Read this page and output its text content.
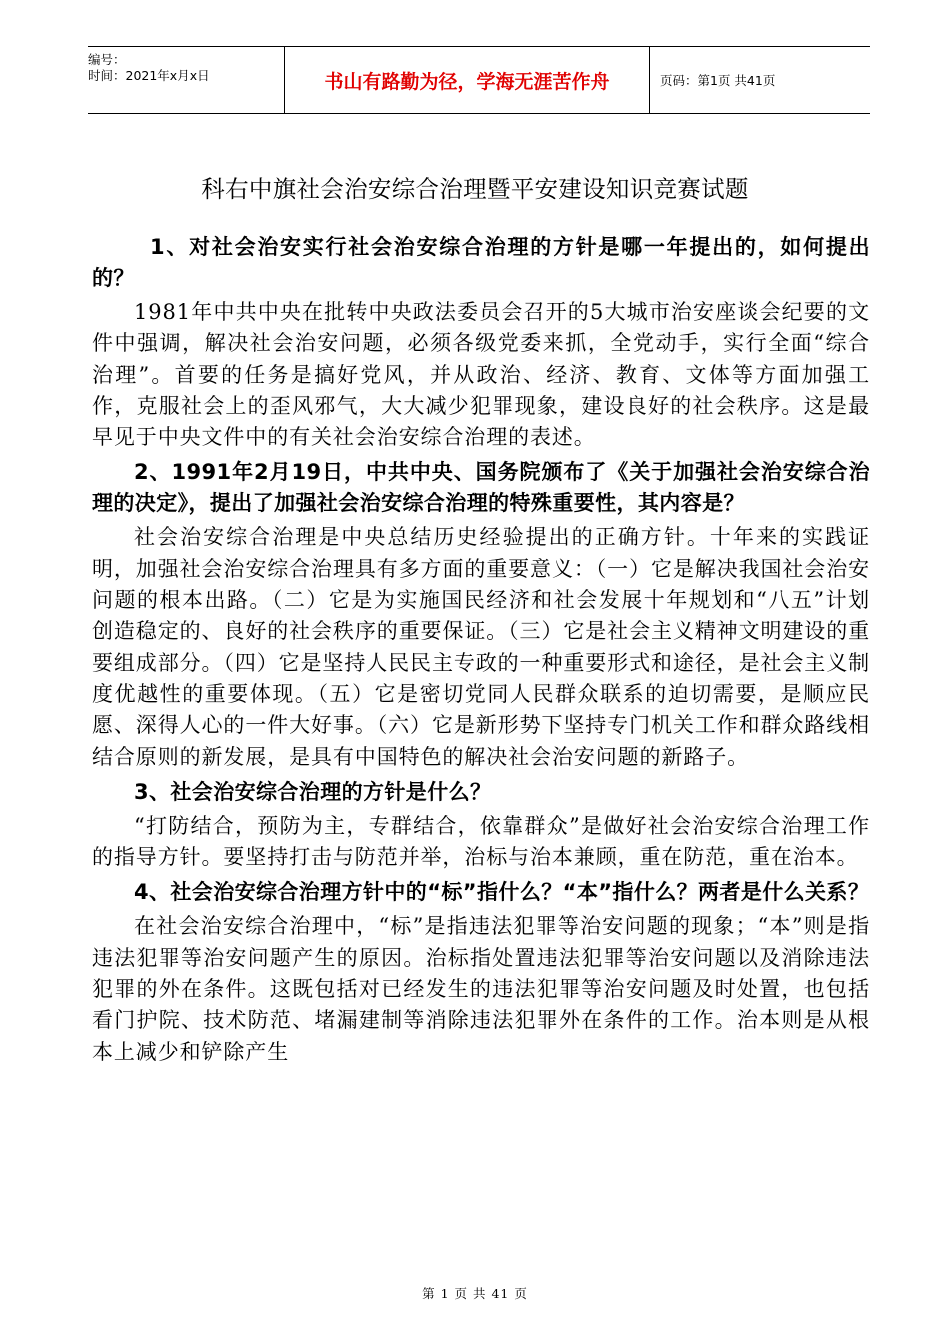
编号：
时间：2021年x月x日	书山有路勤为径，学海无涯苦作舟	页码：第1页 共41页
科右中旗社会治安综合治理暨平安建设知识竞赛试题

1、对社会治安实行社会治安综合治理的方针是哪一年提出的，如何提出的？

1981年中共中央在批转中央政法委员会召开的5大城市治安座谈会纪要的文件中强调，解决社会治安问题，必须各级党委来抓，全党动手，实行全面“综合治理”。首要的任务是搞好党风，并从政治、经济、教育、文体等方面加强工作，克服社会上的歪风邪气，大大减少犯罪现象，建设良好的社会秩序。这是最早见于中央文件中的有关社会治安综合治理的表述。

2、1991年2月19日，中共中央、国务院颁布了《关于加强社会治安综合治理的决定》，提出了加强社会治安综合治理的特殊重要性，其内容是？

社会治安综合治理是中央总结历史经验提出的正确方针。十年来的实践证明，加强社会治安综合治理具有多方面的重要意义：（一）它是解决我国社会治安问题的根本出路。（二）它是为实施国民经济和社会发展十年规划和“八五”计划创造稳定的、良好的社会秩序的重要保证。（三）它是社会主义精神文明建设的重要组成部分。（四）它是坚持人民民主专政的一种重要形式和途径，是社会主义制度优越性的重要体现。（五）它是密切党同人民群众联系的迫切需要，是顺应民愿、深得人心的一件大好事。（六）它是新形势下坚持专门机关工作和群众路线相结合原则的新发展，是具有中国特色的解决社会治安问题的新路子。

3、社会治安综合治理的方针是什么？

“打防结合，预防为主，专群结合，依靠群众”是做好社会治安综合治理工作的指导方针。要坚持打击与防范并举，治标与治本兼顾，重在防范，重在治本。

4、社会治安综合治理方针中的“标”指什么？“本”指什么？两者是什么关系？

在社会治安综合治理中，“标”是指违法犯罪等治安问题的现象；“本”则是指违法犯罪等治安问题产生的原因。治标指处置违法犯罪等治安问题以及消除违法犯罪的外在条件。这既包括对已经发生的违法犯罪等治安问题及时处置，也包括看门护院、技术防范、堵漏建制等消除违法犯罪外在条件的工作。治本则是从根本上减少和铲除产生

第 1 页 共 41 页
